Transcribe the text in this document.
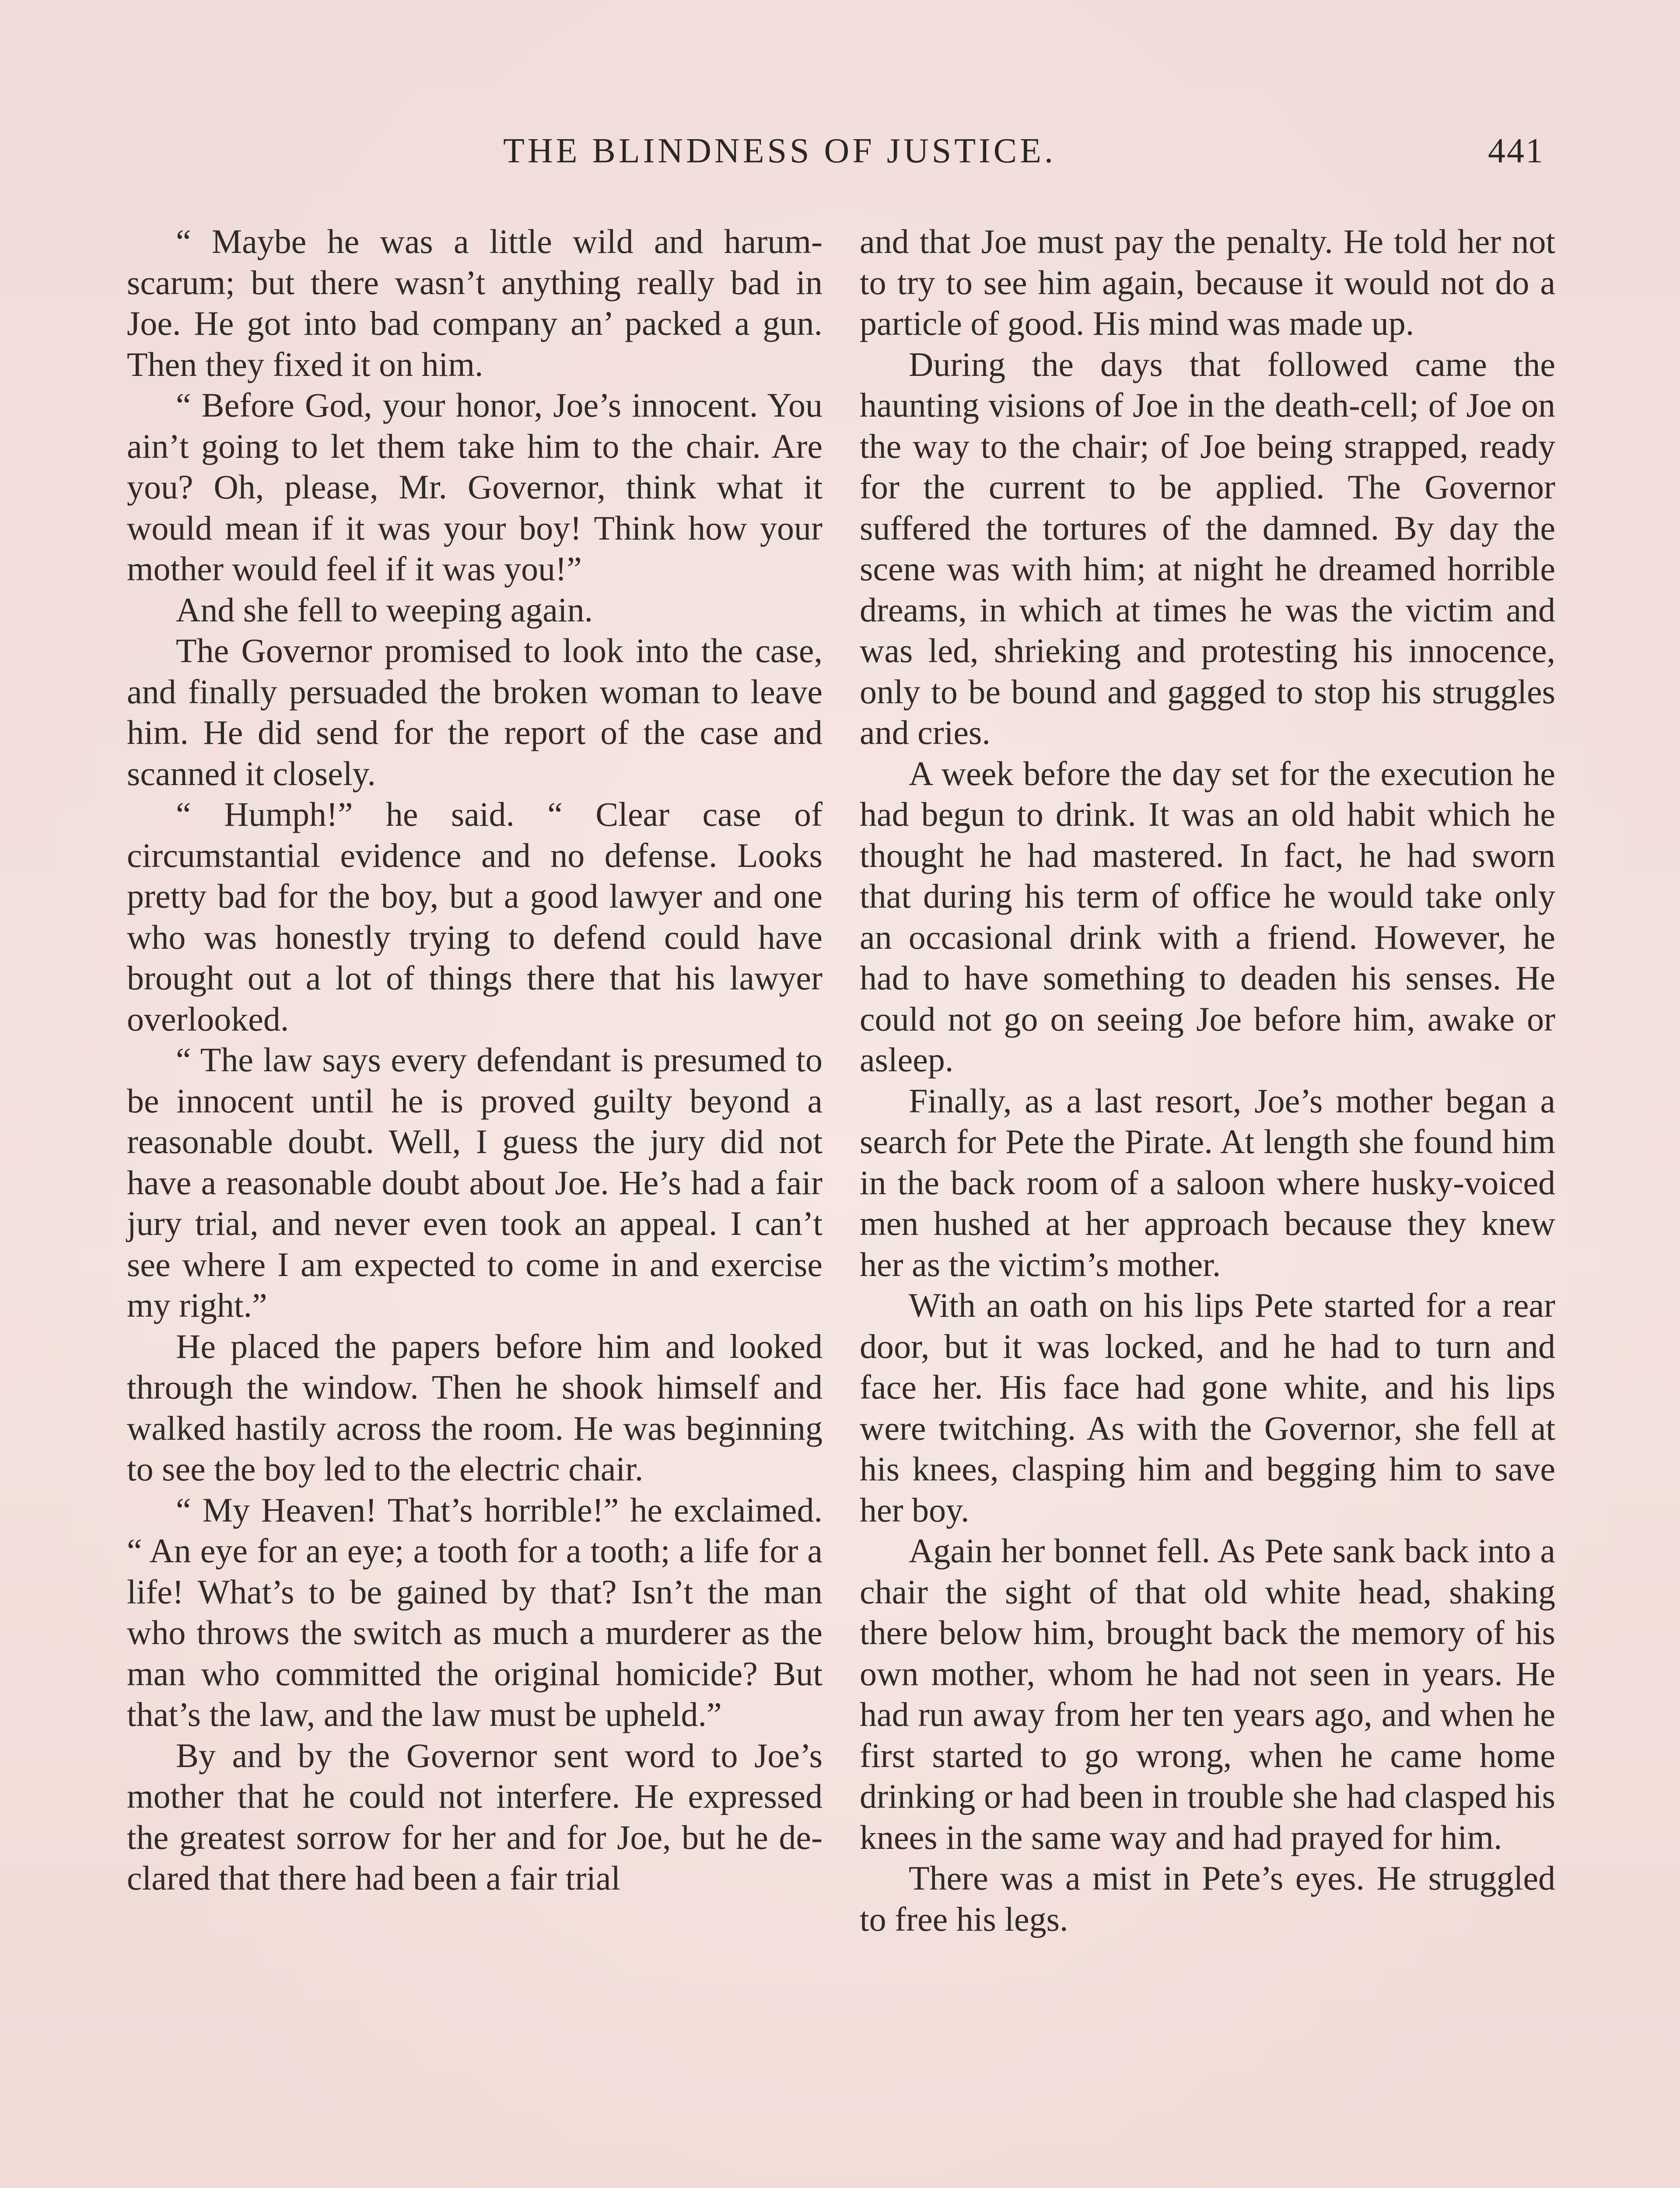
THE BLINDNESS OF JUSTICE.	441

“ Maybe he was a little wild and harum-scarum; but there wasn’t anything really bad in Joe. He got into bad company an’ packed a gun. Then they fixed it on him.

“ Before God, your honor, Joe’s innocent. You ain’t going to let them take him to the chair. Are you? Oh, please, Mr. Governor, think what it would mean if it was your boy! Think how your mother would feel if it was you!”

And she fell to weeping again.

The Governor promised to look into the case, and finally persuaded the broken woman to leave him. He did send for the report of the case and scanned it closely.

“ Humph!” he said. “ Clear case of circumstantial evidence and no defense. Looks pretty bad for the boy, but a good lawyer and one who was honestly trying to defend could have brought out a lot of things there that his lawyer overlooked.

“ The law says every defendant is presumed to be innocent until he is proved guilty beyond a reasonable doubt. Well, I guess the jury did not have a reasonable doubt about Joe. He’s had a fair jury trial, and never even took an appeal. I can’t see where I am expected to come in and exercise my right.”

He placed the papers before him and looked through the window. Then he shook himself and walked hastily across the room. He was beginning to see the boy led to the electric chair.

“ My Heaven! That’s horrible!” he exclaimed. “ An eye for an eye; a tooth for a tooth; a life for a life! What’s to be gained by that? Isn’t the man who throws the switch as much a murderer as the man who committed the original homicide? But that’s the law, and the law must be upheld.”

By and by the Governor sent word to Joe’s mother that he could not interfere. He expressed the greatest sorrow for her and for Joe, but he declared that there had been a fair trial

and that Joe must pay the penalty. He told her not to try to see him again, because it would not do a particle of good. His mind was made up.

During the days that followed came the haunting visions of Joe in the death-cell; of Joe on the way to the chair; of Joe being strapped, ready for the current to be applied. The Governor suffered the tortures of the damned. By day the scene was with him; at night he dreamed horrible dreams, in which at times he was the victim and was led, shrieking and protesting his innocence, only to be bound and gagged to stop his struggles and cries.

A week before the day set for the execution he had begun to drink. It was an old habit which he thought he had mastered. In fact, he had sworn that during his term of office he would take only an occasional drink with a friend. However, he had to have something to deaden his senses. He could not go on seeing Joe before him, awake or asleep.

Finally, as a last resort, Joe’s mother began a search for Pete the Pirate. At length she found him in the back room of a saloon where husky-voiced men hushed at her approach because they knew her as the victim’s mother.

With an oath on his lips Pete started for a rear door, but it was locked, and he had to turn and face her. His face had gone white, and his lips were twitching. As with the Governor, she fell at his knees, clasping him and begging him to save her boy.

Again her bonnet fell. As Pete sank back into a chair the sight of that old white head, shaking there below him, brought back the memory of his own mother, whom he had not seen in years. He had run away from her ten years ago, and when he first started to go wrong, when he came home drinking or had been in trouble she had clasped his knees in the same way and had prayed for him.

There was a mist in Pete’s eyes. He struggled to free his legs.
